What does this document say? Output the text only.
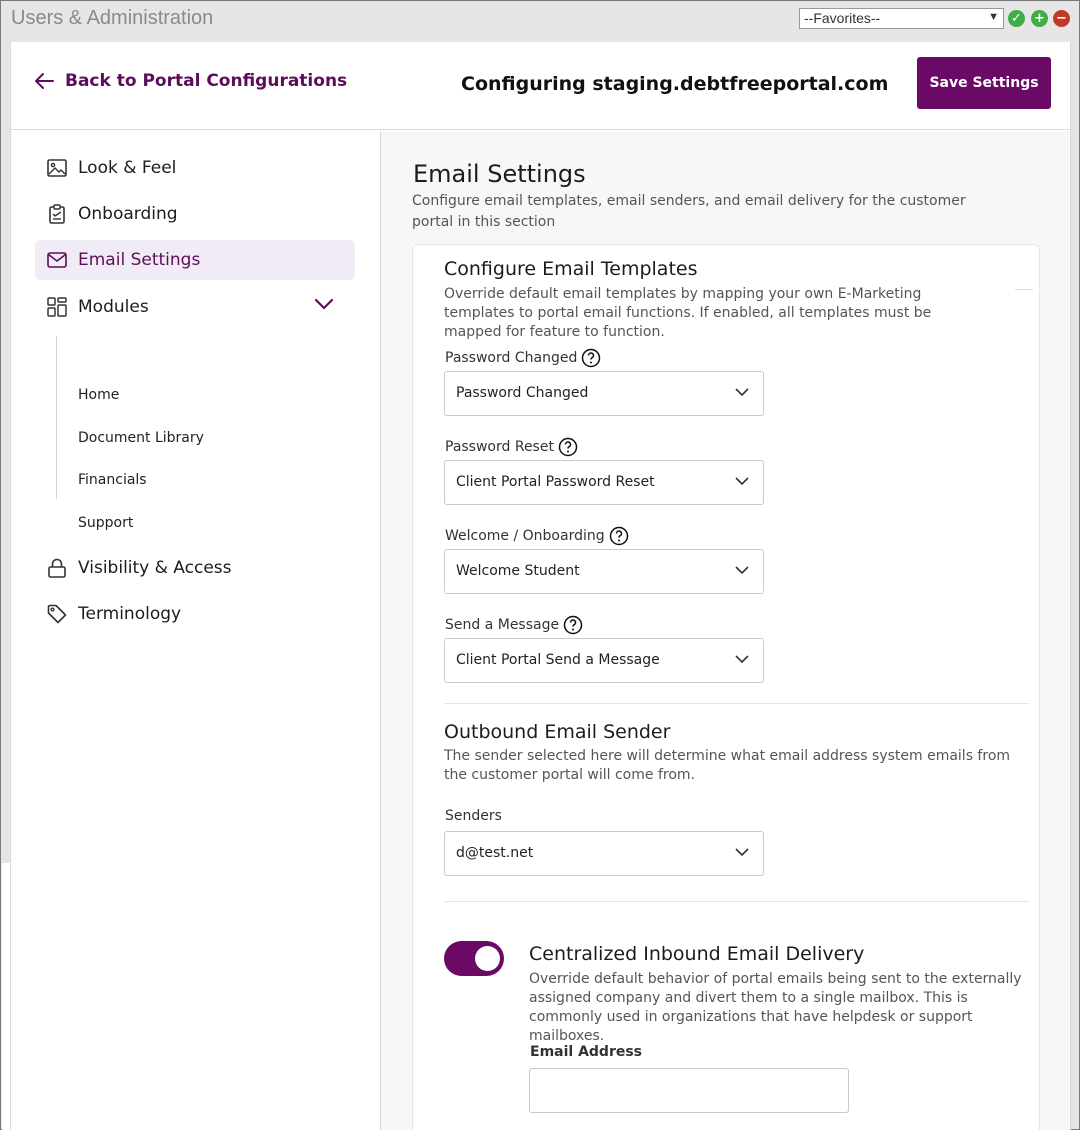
Users & Administration	--Favorites--	▼ ✓ + −
Back to Portal Configurations	Configuring staging.debtfreeportal.com	Save Settings
Look & Feel
Onboarding
Email Settings
Modules
Home
Document Library
Financials
Support
Visibility & Access
Terminology
Email Settings
Configure email templates, email senders, and email delivery for the customer portal in this section
Configure Email Templates
Override default email templates by mapping your own E-Marketing templates to portal email functions. If enabled, all templates must be mapped for feature to function.
Password Changed
Password Changed
Password Reset
Client Portal Password Reset
Welcome / Onboarding
Welcome Student
Send a Message
Client Portal Send a Message
Outbound Email Sender
The sender selected here will determine what email address system emails from the customer portal will come from.
Senders
d@test.net
Centralized Inbound Email Delivery
Override default behavior of portal emails being sent to the externally assigned company and divert them to a single mailbox. This is commonly used in organizations that have helpdesk or support mailboxes.
Email Address
